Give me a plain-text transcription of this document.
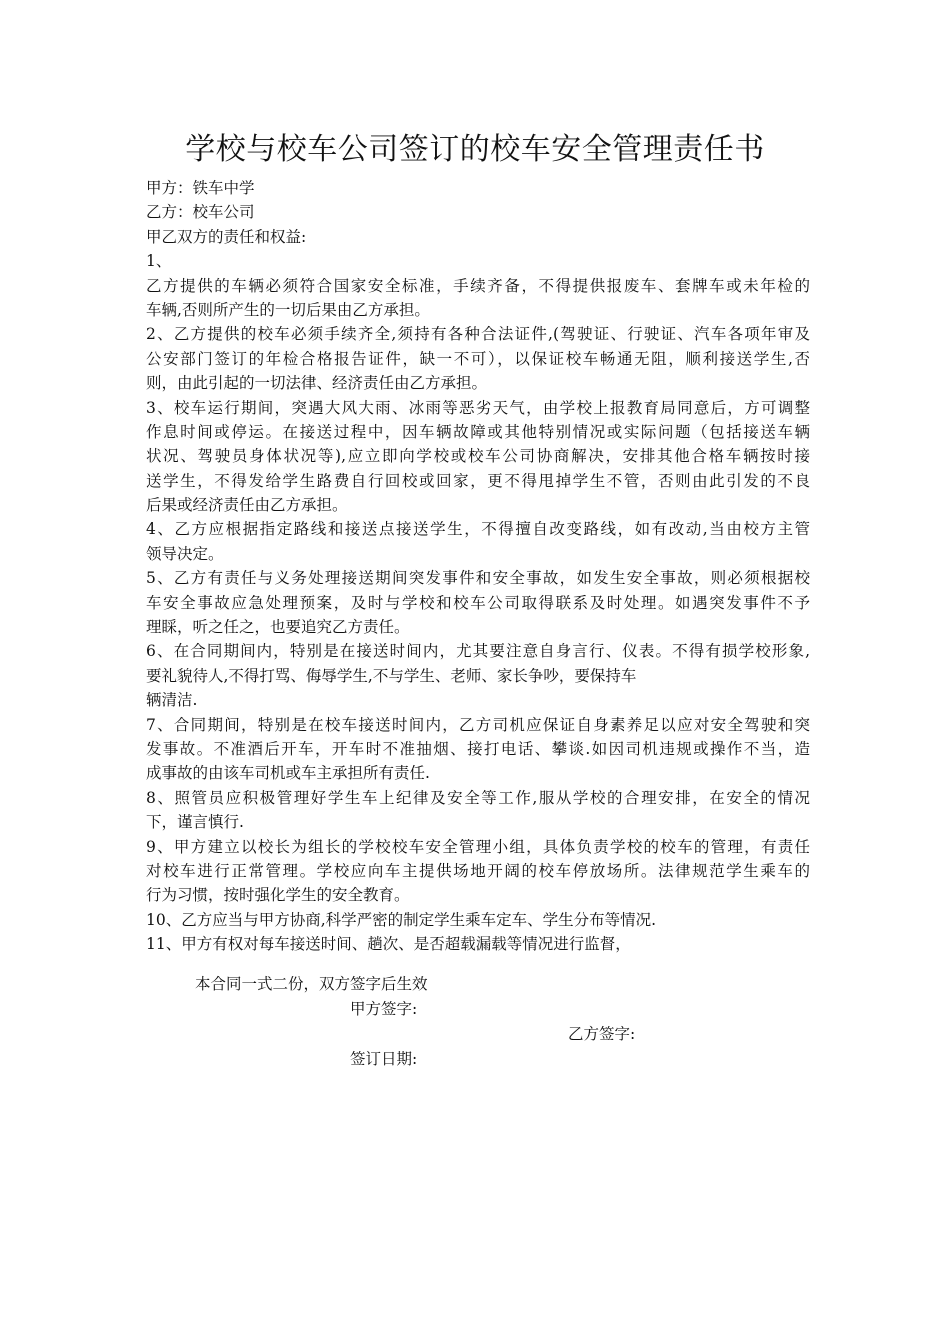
学校与校车公司签订的校车安全管理责任书
甲方：铁车中学
乙方：校车公司
甲乙双方的责任和权益:
1、
乙方提供的车辆必须符合国家安全标准，手续齐备，不得提供报废车、套牌车或未年检的
车辆,否则所产生的一切后果由乙方承担。
2、乙方提供的校车必须手续齐全,须持有各种合法证件,(驾驶证、行驶证、汽车各项年审及
公安部门签订的年检合格报告证件，缺一不可），以保证校车畅通无阻，顺利接送学生,否
则，由此引起的一切法律、经济责任由乙方承担。
3、校车运行期间，突遇大风大雨、冰雨等恶劣天气，由学校上报教育局同意后，方可调整
作息时间或停运。在接送过程中，因车辆故障或其他特别情况或实际问题（包括接送车辆
状况、驾驶员身体状况等),应立即向学校或校车公司协商解决，安排其他合格车辆按时接
送学生，不得发给学生路费自行回校或回家，更不得甩掉学生不管，否则由此引发的不良
后果或经济责任由乙方承担。
4、乙方应根据指定路线和接送点接送学生，不得擅自改变路线，如有改动,当由校方主管
领导决定。
5、乙方有责任与义务处理接送期间突发事件和安全事故，如发生安全事故，则必须根据校
车安全事故应急处理预案，及时与学校和校车公司取得联系及时处理。如遇突发事件不予
理睬，听之任之，也要追究乙方责任。
6、在合同期间内，特别是在接送时间内，尤其要注意自身言行、仪表。不得有损学校形象,
要礼貌待人,不得打骂、侮辱学生,不与学生、老师、家长争吵，要保持车
辆清洁.
7、合同期间，特别是在校车接送时间内，乙方司机应保证自身素养足以应对安全驾驶和突
发事故。不准酒后开车，开车时不准抽烟、接打电话、攀谈.如因司机违规或操作不当，造
成事故的由该车司机或车主承担所有责任.
8、照管员应积极管理好学生车上纪律及安全等工作,服从学校的合理安排，在安全的情况
下，谨言慎行.
9、甲方建立以校长为组长的学校校车安全管理小组，具体负责学校的校车的管理，有责任
对校车进行正常管理。学校应向车主提供场地开阔的校车停放场所。法律规范学生乘车的
行为习惯，按时强化学生的安全教育。
10、乙方应当与甲方协商,科学严密的制定学生乘车定车、学生分布等情况.
11、甲方有权对每车接送时间、趟次、是否超载漏载等情况进行监督，
本合同一式二份，双方签字后生效
甲方签字:
乙方签字:
签订日期:
